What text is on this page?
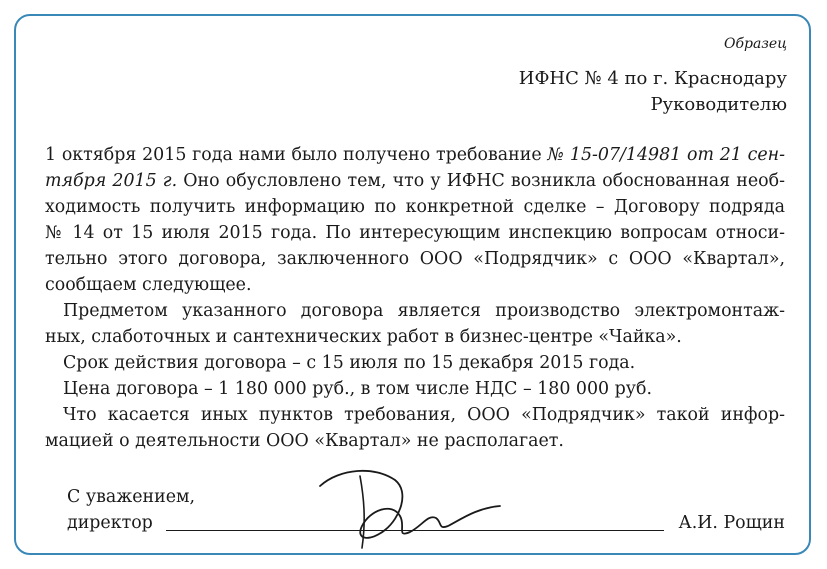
Образец
ИФНС № 4 по г. Краснодару
Руководителю
1 октября 2015 года нами было получено требование № 15-07/14981 от 21 сен-
тября 2015 г. Оно обусловлено тем, что у ИФНС возникла обоснованная необ-
ходимость получить информацию по конкретной сделке – Договору подряда
№ 14 от 15 июля 2015 года. По интересующим инспекцию вопросам относи-
тельно этого договора, заключенного ООО «Подрядчик» с ООО «Квартал»,
сообщаем следующее.
Предметом указанного договора является производство электромонтаж-
ных, слаботочных и сантехнических работ в бизнес-центре «Чайка».
Срок действия договора – с 15 июля по 15 декабря 2015 года.
Цена договора – 1 180 000 руб., в том числе НДС – 180 000 руб.
Что касается иных пунктов требования, ООО «Подрядчик» такой инфор-
мацией о деятельности ООО «Квартал» не располагает.
С уважением,
директор	А.И. Рощин
